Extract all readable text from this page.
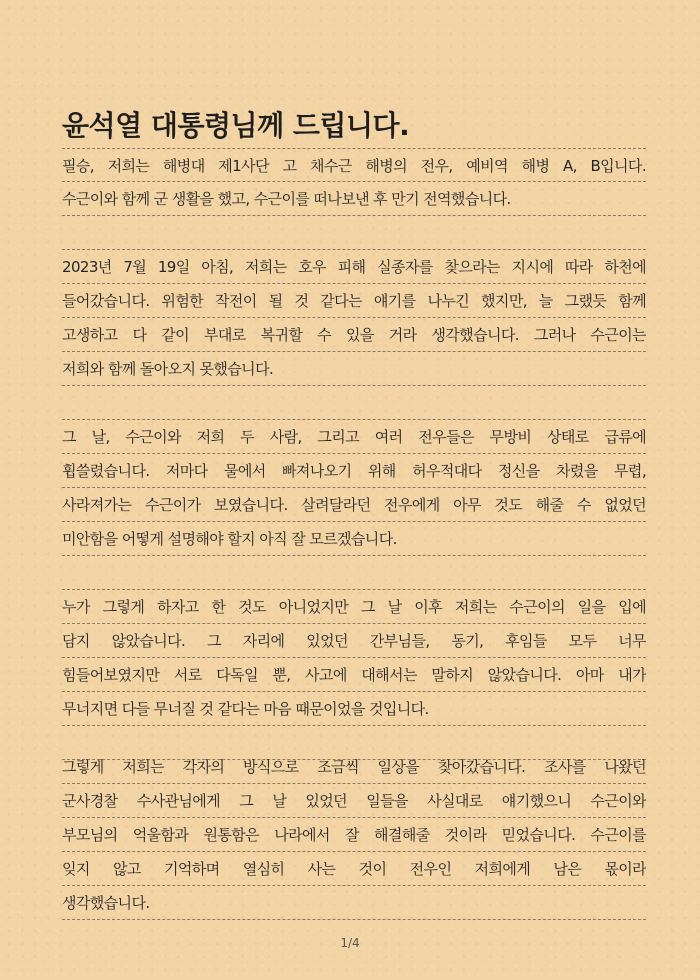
윤석열 대통령님께 드립니다.
필승, 저희는 해병대 제1사단 고 채수근 해병의 전우, 예비역 해병 A, B입니다.
수근이와 함께 군 생활을 했고, 수근이를 떠나보낸 후 만기 전역했습니다.
2023년 7월 19일 아침, 저희는 호우 피해 실종자를 찾으라는 지시에 따라 하천에
들어갔습니다. 위험한 작전이 될 것 같다는 얘기를 나누긴 했지만, 늘 그랬듯 함께
고생하고 다 같이 부대로 복귀할 수 있을 거라 생각했습니다. 그러나 수근이는
저희와 함께 돌아오지 못했습니다.
그 날, 수근이와 저희 두 사람, 그리고 여러 전우들은 무방비 상태로 급류에
휩쓸렸습니다. 저마다 물에서 빠져나오기 위해 허우적대다 정신을 차렸을 무렵,
사라져가는 수근이가 보였습니다. 살려달라던 전우에게 아무 것도 해줄 수 없었던
미안함을 어떻게 설명해야 할지 아직 잘 모르겠습니다.
누가 그렇게 하자고 한 것도 아니었지만 그 날 이후 저희는 수근이의 일을 입에
담지 않았습니다. 그 자리에 있었던 간부님들, 동기, 후임들 모두 너무
힘들어보였지만 서로 다독일 뿐, 사고에 대해서는 말하지 않았습니다. 아마 내가
무너지면 다들 무너질 것 같다는 마음 때문이었을 것입니다.
그렇게 저희는 각자의 방식으로 조금씩 일상을 찾아갔습니다. 조사를 나왔던
군사경찰 수사관님에게 그 날 있었던 일들을 사실대로 얘기했으니 수근이와
부모님의 억울함과 원통함은 나라에서 잘 해결해줄 것이라 믿었습니다. 수근이를
잊지 않고 기억하며 열심히 사는 것이 전우인 저희에게 남은 몫이라
생각했습니다.
1/4
